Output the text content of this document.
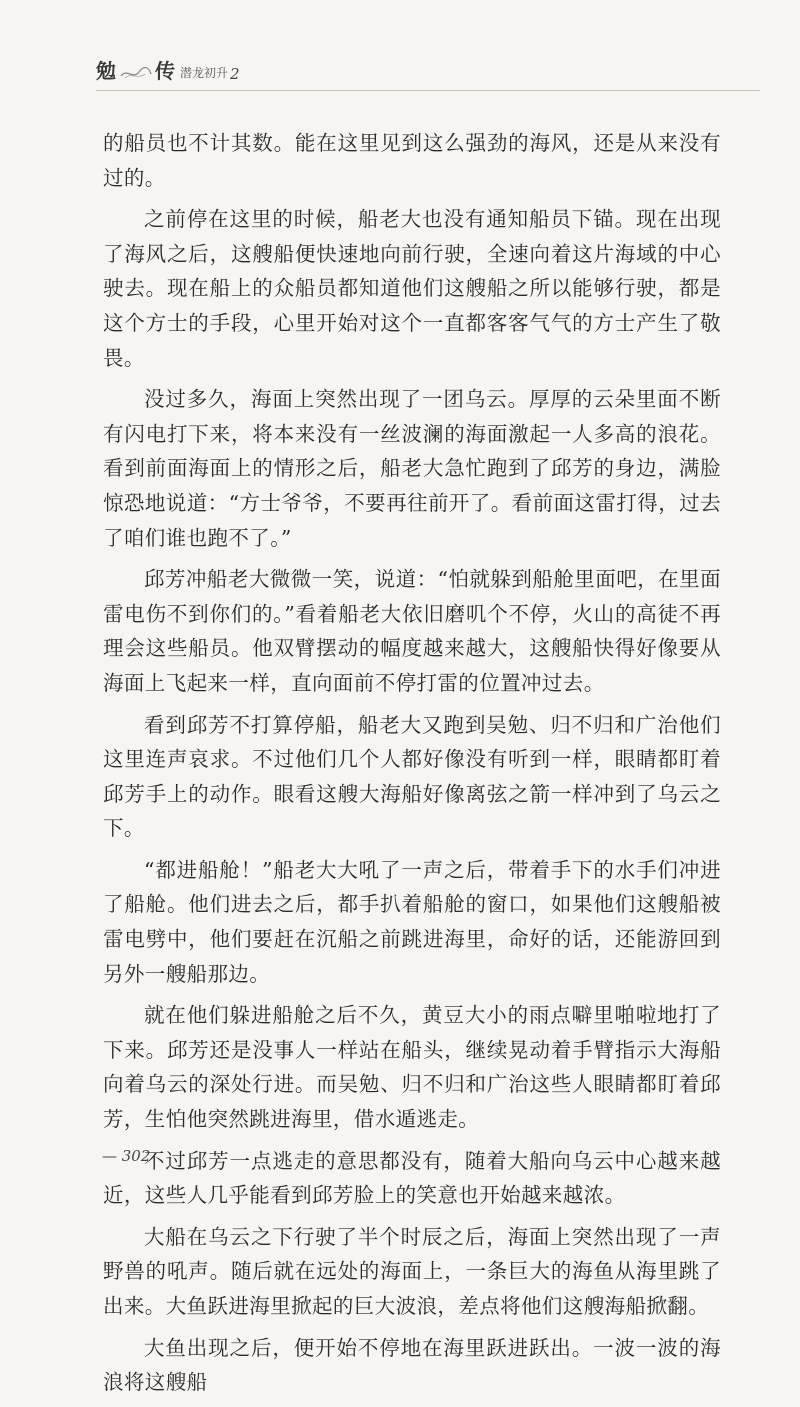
勉 传 潜龙初升 2

的船员也不计其数。能在这里见到这么强劲的海风，还是从来没有过的。

之前停在这里的时候，船老大也没有通知船员下锚。现在出现了海风之后，这艘船便快速地向前行驶，全速向着这片海域的中心驶去。现在船上的众船员都知道他们这艘船之所以能够行驶，都是这个方士的手段，心里开始对这个一直都客客气气的方士产生了敬畏。

没过多久，海面上突然出现了一团乌云。厚厚的云朵里面不断有闪电打下来，将本来没有一丝波澜的海面激起一人多高的浪花。看到前面海面上的情形之后，船老大急忙跑到了邱芳的身边，满脸惊恐地说道：“方士爷爷，不要再往前开了。看前面这雷打得，过去了咱们谁也跑不了。”

邱芳冲船老大微微一笑，说道：“怕就躲到船舱里面吧，在里面雷电伤不到你们的。”看着船老大依旧磨叽个不停，火山的高徒不再理会这些船员。他双臂摆动的幅度越来越大，这艘船快得好像要从海面上飞起来一样，直向面前不停打雷的位置冲过去。

看到邱芳不打算停船，船老大又跑到吴勉、归不归和广治他们这里连声哀求。不过他们几个人都好像没有听到一样，眼睛都盯着邱芳手上的动作。眼看这艘大海船好像离弦之箭一样冲到了乌云之下。

“都进船舱！”船老大大吼了一声之后，带着手下的水手们冲进了船舱。他们进去之后，都手扒着船舱的窗口，如果他们这艘船被雷电劈中，他们要赶在沉船之前跳进海里，命好的话，还能游回到另外一艘船那边。

就在他们躲进船舱之后不久，黄豆大小的雨点噼里啪啦地打了下来。邱芳还是没事人一样站在船头，继续晃动着手臂指示大海船向着乌云的深处行进。而吴勉、归不归和广治这些人眼睛都盯着邱芳，生怕他突然跳进海里，借水遁逃走。

不过邱芳一点逃走的意思都没有，随着大船向乌云中心越来越近，这些人几乎能看到邱芳脸上的笑意也开始越来越浓。

大船在乌云之下行驶了半个时辰之后，海面上突然出现了一声野兽的吼声。随后就在远处的海面上，一条巨大的海鱼从海里跳了出来。大鱼跃进海里掀起的巨大波浪，差点将他们这艘海船掀翻。

大鱼出现之后，便开始不停地在海里跃进跃出。一波一波的海浪将这艘船

— 302
